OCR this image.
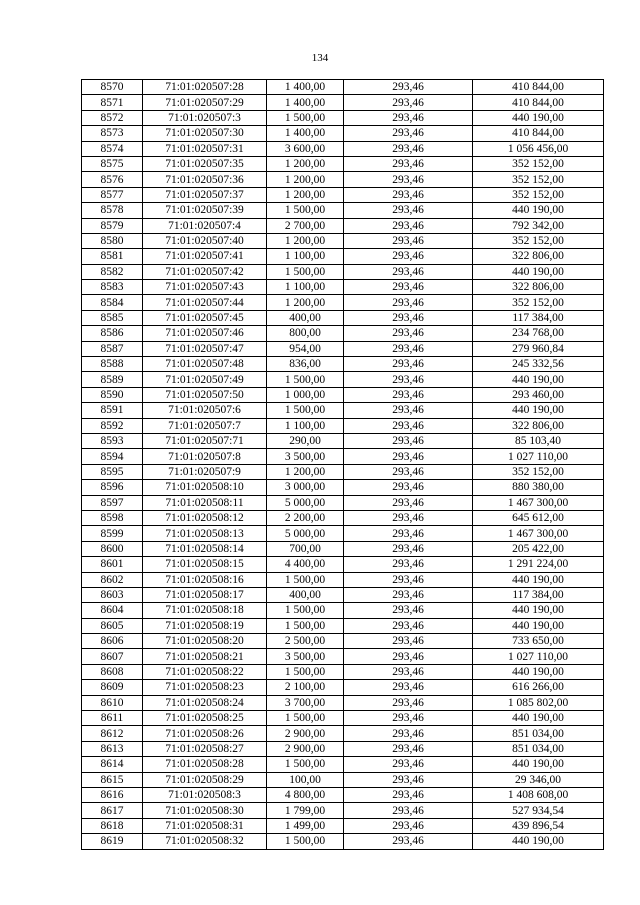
134
8570	71:01:020507:28	1 400,00	293,46	410 844,00
8571	71:01:020507:29	1 400,00	293,46	410 844,00
8572	71:01:020507:3	1 500,00	293,46	440 190,00
8573	71:01:020507:30	1 400,00	293,46	410 844,00
8574	71:01:020507:31	3 600,00	293,46	1 056 456,00
8575	71:01:020507:35	1 200,00	293,46	352 152,00
8576	71:01:020507:36	1 200,00	293,46	352 152,00
8577	71:01:020507:37	1 200,00	293,46	352 152,00
8578	71:01:020507:39	1 500,00	293,46	440 190,00
8579	71:01:020507:4	2 700,00	293,46	792 342,00
8580	71:01:020507:40	1 200,00	293,46	352 152,00
8581	71:01:020507:41	1 100,00	293,46	322 806,00
8582	71:01:020507:42	1 500,00	293,46	440 190,00
8583	71:01:020507:43	1 100,00	293,46	322 806,00
8584	71:01:020507:44	1 200,00	293,46	352 152,00
8585	71:01:020507:45	400,00	293,46	117 384,00
8586	71:01:020507:46	800,00	293,46	234 768,00
8587	71:01:020507:47	954,00	293,46	279 960,84
8588	71:01:020507:48	836,00	293,46	245 332,56
8589	71:01:020507:49	1 500,00	293,46	440 190,00
8590	71:01:020507:50	1 000,00	293,46	293 460,00
8591	71:01:020507:6	1 500,00	293,46	440 190,00
8592	71:01:020507:7	1 100,00	293,46	322 806,00
8593	71:01:020507:71	290,00	293,46	85 103,40
8594	71:01:020507:8	3 500,00	293,46	1 027 110,00
8595	71:01:020507:9	1 200,00	293,46	352 152,00
8596	71:01:020508:10	3 000,00	293,46	880 380,00
8597	71:01:020508:11	5 000,00	293,46	1 467 300,00
8598	71:01:020508:12	2 200,00	293,46	645 612,00
8599	71:01:020508:13	5 000,00	293,46	1 467 300,00
8600	71:01:020508:14	700,00	293,46	205 422,00
8601	71:01:020508:15	4 400,00	293,46	1 291 224,00
8602	71:01:020508:16	1 500,00	293,46	440 190,00
8603	71:01:020508:17	400,00	293,46	117 384,00
8604	71:01:020508:18	1 500,00	293,46	440 190,00
8605	71:01:020508:19	1 500,00	293,46	440 190,00
8606	71:01:020508:20	2 500,00	293,46	733 650,00
8607	71:01:020508:21	3 500,00	293,46	1 027 110,00
8608	71:01:020508:22	1 500,00	293,46	440 190,00
8609	71:01:020508:23	2 100,00	293,46	616 266,00
8610	71:01:020508:24	3 700,00	293,46	1 085 802,00
8611	71:01:020508:25	1 500,00	293,46	440 190,00
8612	71:01:020508:26	2 900,00	293,46	851 034,00
8613	71:01:020508:27	2 900,00	293,46	851 034,00
8614	71:01:020508:28	1 500,00	293,46	440 190,00
8615	71:01:020508:29	100,00	293,46	29 346,00
8616	71:01:020508:3	4 800,00	293,46	1 408 608,00
8617	71:01:020508:30	1 799,00	293,46	527 934,54
8618	71:01:020508:31	1 499,00	293,46	439 896,54
8619	71:01:020508:32	1 500,00	293,46	440 190,00
